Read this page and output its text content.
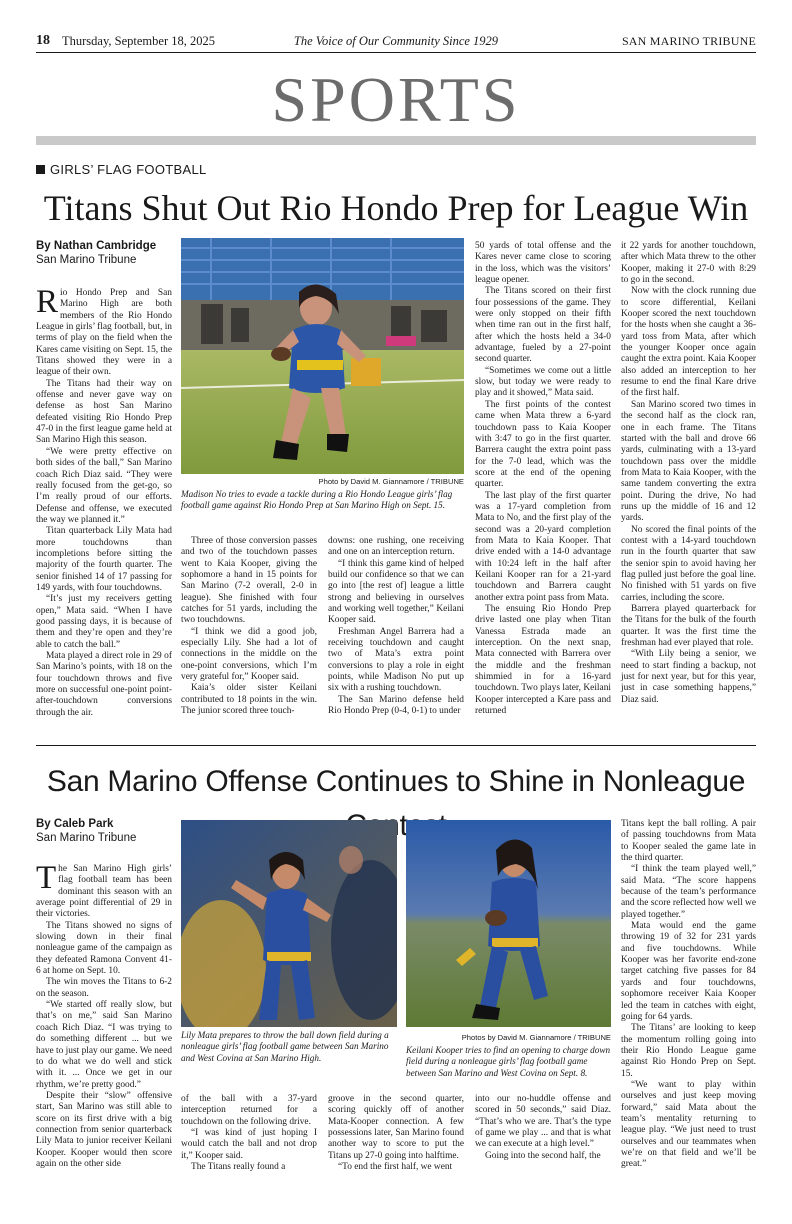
18 Thursday, September 18, 2025	The Voice of Our Community Since 1929	SAN MARINO TRIBUNE
SPORTS
GIRLS’ FLAG FOOTBALL
Titans Shut Out Rio Hondo Prep for League Win
By Nathan Cambridge
San Marino Tribune

Rio Hondo Prep and San Marino High are both members of the Rio Hondo League in girls’ flag football, but, in terms of play on the field when the Kares came visiting on Sept. 15, the Titans showed they were in a league of their own.

The Titans had their way on offense and never gave way on defense as host San Marino defeated visiting Rio Hondo Prep 47-0 in the first league game held at San Marino High this season.

“We were pretty effective on both sides of the ball,” San Marino coach Rich Diaz said. “They were really focused from the get-go, so I’m really proud of our efforts. Defense and offense, we executed the way we planned it.”

Titan quarterback Lily Mata had more touchdowns than incompletions before sitting the majority of the fourth quarter. The senior finished 14 of 17 passing for 149 yards, with four touchdowns.

“It’s just my receivers getting open,” Mata said. “When I have good passing days, it is because of them and they’re open and they’re able to catch the ball.”

Mata played a direct role in 29 of San Marino’s points, with 18 on the four touchdown throws and five more on successful one-point point-after-touchdown conversions through the air.

Photo by David M. Giannamore / TRIBUNE
Madison No tries to evade a tackle during a Rio Hondo League girls’ flag football game against Rio Hondo Prep at San Marino High on Sept. 15.

Three of those conversion passes and two of the touchdown passes went to Kaia Kooper, giving the sophomore a hand in 15 points for San Marino (7-2 overall, 2-0 in league). She finished with four catches for 51 yards, including the two touchdowns.

“I think we did a good job, especially Lily. She had a lot of connections in the middle on the one-point conversions, which I’m very grateful for,” Kooper said.

Kaia’s older sister Keilani contributed to 18 points in the win. The junior scored three touch-

downs: one rushing, one receiving and one on an interception return.

“I think this game kind of helped build our confidence so that we can go into [the rest of] league a little strong and believing in ourselves and working well together,” Keilani Kooper said.

Freshman Angel Barrera had a receiving touchdown and caught two of Mata’s extra point conversions to play a role in eight points, while Madison No put up six with a rushing touchdown.

The San Marino defense held Rio Hondo Prep (0-4, 0-1) to under

50 yards of total offense and the Kares never came close to scoring in the loss, which was the visitors’ league opener.

The Titans scored on their first four possessions of the game. They were only stopped on their fifth when time ran out in the first half, after which the hosts held a 34-0 advantage, fueled by a 27-point second quarter.

“Sometimes we come out a little slow, but today we were ready to play and it showed,” Mata said.

The first points of the contest came when Mata threw a 6-yard touchdown pass to Kaia Kooper with 3:47 to go in the first quarter. Barrera caught the extra point pass for the 7-0 lead, which was the score at the end of the opening quarter.

The last play of the first quarter was a 17-yard completion from Mata to No, and the first play of the second was a 20-yard completion from Mata to Kaia Kooper. That drive ended with a 14-0 advantage with 10:24 left in the half after Keilani Kooper ran for a 21-yard touchdown and Barrera caught another extra point pass from Mata.

The ensuing Rio Hondo Prep drive lasted one play when Titan Vanessa Estrada made an interception. On the next snap, Mata connected with Barrera over the middle and the freshman shimmied in for a 16-yard touchdown. Two plays later, Keilani Kooper intercepted a Kare pass and returned

it 22 yards for another touchdown, after which Mata threw to the other Kooper, making it 27-0 with 8:29 to go in the second.

Now with the clock running due to score differential, Keilani Kooper scored the next touchdown for the hosts when she caught a 36-yard toss from Mata, after which the younger Kooper once again caught the extra point. Kaia Kooper also added an interception to her resume to end the final Kare drive of the first half.

San Marino scored two times in the second half as the clock ran, one in each frame. The Titans started with the ball and drove 66 yards, culminating with a 13-yard touchdown pass over the middle from Mata to Kaia Kooper, with the same tandem converting the extra point. During the drive, No had runs up the middle of 16 and 12 yards.

No scored the final points of the contest with a 14-yard touchdown run in the fourth quarter that saw the senior spin to avoid having her flag pulled just before the goal line. No finished with 51 yards on five carries, including the score.

Barrera played quarterback for the Titans for the bulk of the fourth quarter. It was the first time the freshman had ever played that role.

“With Lily being a senior, we need to start finding a backup, not just for next year, but for this year, just in case something happens,” Diaz said.

San Marino Offense Continues to Shine in Nonleague
By Caleb Park
San Marino Tribune

The San Marino High girls’ flag football team has been dominant this season with an average point differential of 29 in their victories.

The Titans showed no signs of slowing down in their final nonleague game of the campaign as they defeated Ramona Convent 41-6 at home on Sept. 10.

The win moves the Titans to 6-2 on the season.

“We started off really slow, but that’s on me,” said San Marino coach Rich Diaz. “I was trying to do something different ... but we have to just play our game. We need to do what we do well and stick with it. ... Once we get in our rhythm, we’re pretty good.”

Despite their “slow” offensive start, San Marino was still able to score on its first drive with a big connection from senior quarterback Lily Mata to junior receiver Keilani Kooper. Kooper would then score again on the other side

Lily Mata prepares to throw the ball down field during a nonleague girls’ flag football game between San Marino and West Covina at San Marino High.
Photos by David M. Giannamore / TRIBUNE
Keilani Kooper tries to find an opening to charge down field during a nonleague girls’ flag football game between San Marino and West Covina on Sept. 8.

of the ball with a 37-yard interception returned for a touchdown on the following drive.

“I was kind of just hoping I would catch the ball and not drop it,” Kooper said.

The Titans really found a

groove in the second quarter, scoring quickly off of another Mata-Kooper connection. A few possessions later, San Marino found another way to score to put the Titans up 27-0 going into halftime.

“To end the first half, we went

into our no-huddle offense and scored in 50 seconds,” said Diaz. “That’s who we are. That’s the type of game we play ... and that is what we can execute at a high level.”

Going into the second half, the

Titans kept the ball rolling. A pair of passing touchdowns from Mata to Kooper sealed the game late in the third quarter.

“I think the team played well,” said Mata. “The score happens because of the team’s performance and the score reflected how well we played together.”

Mata would end the game throwing 19 of 32 for 231 yards and five touchdowns. While Kooper was her favorite end-zone target catching five passes for 84 yards and four touchdowns, sophomore receiver Kaia Kooper led the team in catches with eight, going for 64 yards.

The Titans’ are looking to keep the momentum rolling going into their Rio Hondo League game against Rio Hondo Prep on Sept. 15.

“We want to play within ourselves and just keep moving forward,” said Mata about the team’s mentality returning to league play. “We just need to trust ourselves and our teammates when we’re on that field and we’ll be great.”
